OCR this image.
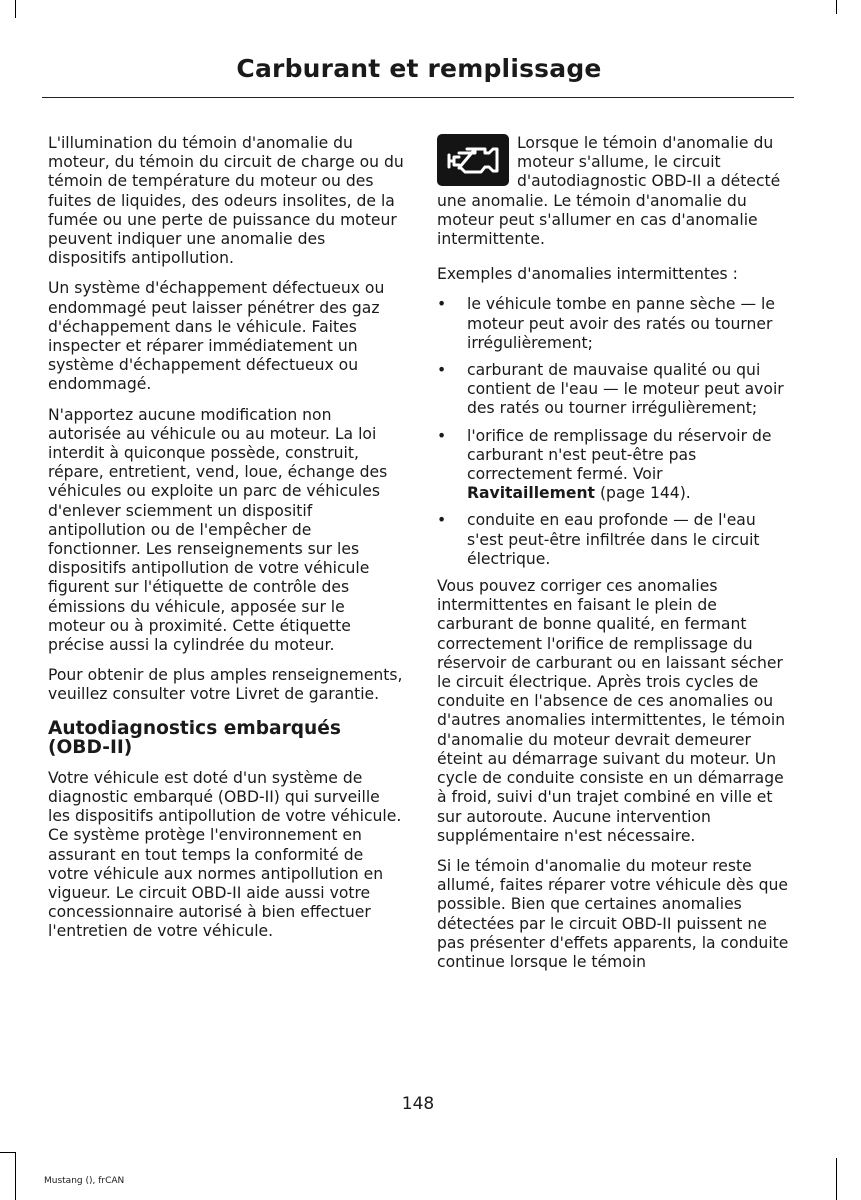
Carburant et remplissage

L'illumination du témoin d'anomalie du moteur, du témoin du circuit de charge ou du témoin de température du moteur ou des fuites de liquides, des odeurs insolites, de la fumée ou une perte de puissance du moteur peuvent indiquer une anomalie des dispositifs antipollution.

Un système d'échappement défectueux ou endommagé peut laisser pénétrer des gaz d'échappement dans le véhicule. Faites inspecter et réparer immédiatement un système d'échappement défectueux ou endommagé.

N'apportez aucune modification non autorisée au véhicule ou au moteur. La loi interdit à quiconque possède, construit, répare, entretient, vend, loue, échange des véhicules ou exploite un parc de véhicules d'enlever sciemment un dispositif antipollution ou de l'empêcher de fonctionner. Les renseignements sur les dispositifs antipollution de votre véhicule figurent sur l'étiquette de contrôle des émissions du véhicule, apposée sur le moteur ou à proximité. Cette étiquette précise aussi la cylindrée du moteur.

Pour obtenir de plus amples renseignements, veuillez consulter votre Livret de garantie.

Autodiagnostics embarqués (OBD-II)

Votre véhicule est doté d'un système de diagnostic embarqué (OBD-II) qui surveille les dispositifs antipollution de votre véhicule. Ce système protège l'environnement en assurant en tout temps la conformité de votre véhicule aux normes antipollution en vigueur. Le circuit OBD-II aide aussi votre concessionnaire autorisé à bien effectuer l'entretien de votre véhicule.

Lorsque le témoin d'anomalie du moteur s'allume, le circuit d'autodiagnostic OBD-II a détecté une anomalie. Le témoin d'anomalie du moteur peut s'allumer en cas d'anomalie intermittente.

Exemples d'anomalies intermittentes :

• le véhicule tombe en panne sèche — le moteur peut avoir des ratés ou tourner irrégulièrement;
• carburant de mauvaise qualité ou qui contient de l'eau — le moteur peut avoir des ratés ou tourner irrégulièrement;
• l'orifice de remplissage du réservoir de carburant n'est peut-être pas correctement fermé. Voir Ravitaillement (page 144).
• conduite en eau profonde — de l'eau s'est peut-être infiltrée dans le circuit électrique.

Vous pouvez corriger ces anomalies intermittentes en faisant le plein de carburant de bonne qualité, en fermant correctement l'orifice de remplissage du réservoir de carburant ou en laissant sécher le circuit électrique. Après trois cycles de conduite en l'absence de ces anomalies ou d'autres anomalies intermittentes, le témoin d'anomalie du moteur devrait demeurer éteint au démarrage suivant du moteur. Un cycle de conduite consiste en un démarrage à froid, suivi d'un trajet combiné en ville et sur autoroute. Aucune intervention supplémentaire n'est nécessaire.

Si le témoin d'anomalie du moteur reste allumé, faites réparer votre véhicule dès que possible. Bien que certaines anomalies détectées par le circuit OBD-II puissent ne pas présenter d'effets apparents, la conduite continue lorsque le témoin

148
Mustang (), frCAN
